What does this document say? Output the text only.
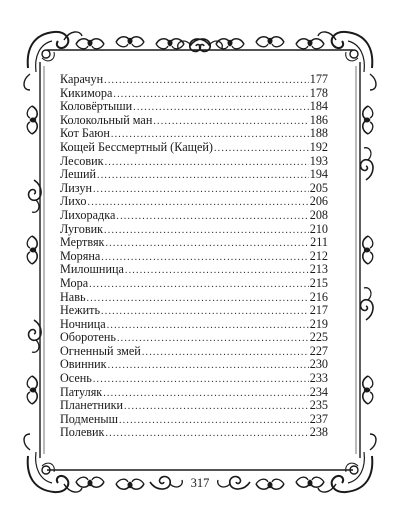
Карачун .....	177
Кикимора .....	178
Коловёртыши .....	184
Колокольный ман .....	186
Кот Баюн .....	188
Кощей Бессмертный (Кащей) .....	192
Лесовик .....	193
Леший .....	194
Лизун .....	205
Лихо .....	206
Лихорадка .....	208
Луговик .....	210
Мертвяк .....	211
Моряна .....	212
Милошница .....	213
Мора .....	215
Навь .....	216
Нежить .....	217
Ночница .....	219
Оборотень .....	225
Огненный змей .....	227
Овинник .....	230
Осень .....	233
Патуляк .....	234
Планетники .....	235
Подменыш .....	237
Полевик .....	238
317
